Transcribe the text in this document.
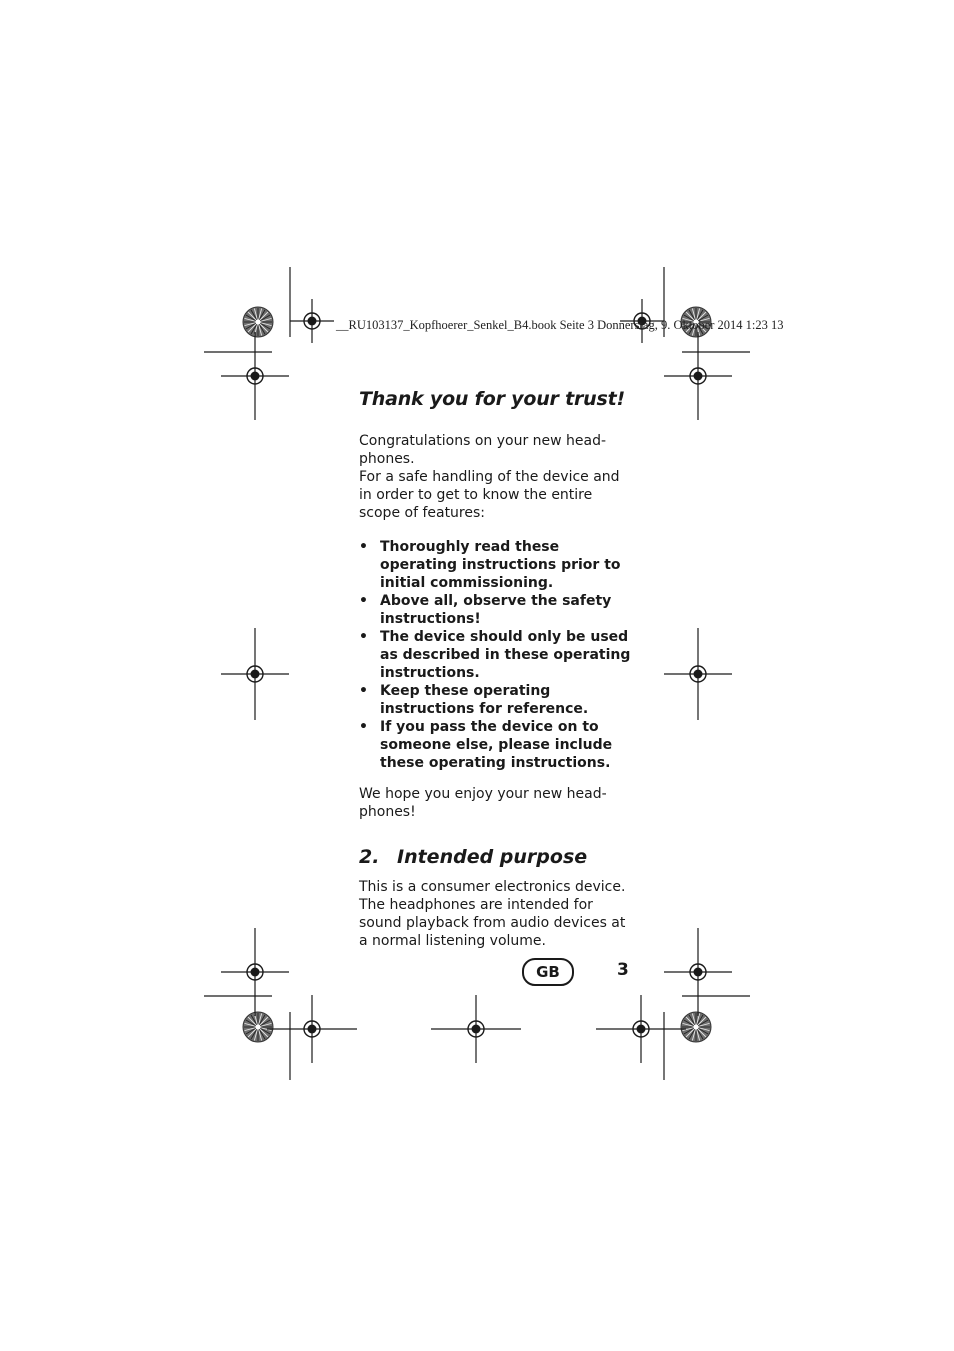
__RU103137_Kopfhoerer_Senkel_B4.book Seite 3 Donnerstag, 9. Oktober 2014 1:23 13
Thank you for your trust!

Congratulations on your new head-phones.

For a safe handling of the device and in order to get to know the entire scope of features:

• Thoroughly read these operating instructions prior to initial commissioning.
• Above all, observe the safety instructions!
• The device should only be used as described in these operating instructions.
• Keep these operating instructions for reference.
• If you pass the device on to someone else, please include these operating instructions.

We hope you enjoy your new head-phones!

2. Intended purpose

This is a consumer electronics device. The headphones are intended for sound playback from audio devices at a normal listening volume.

GB	3
